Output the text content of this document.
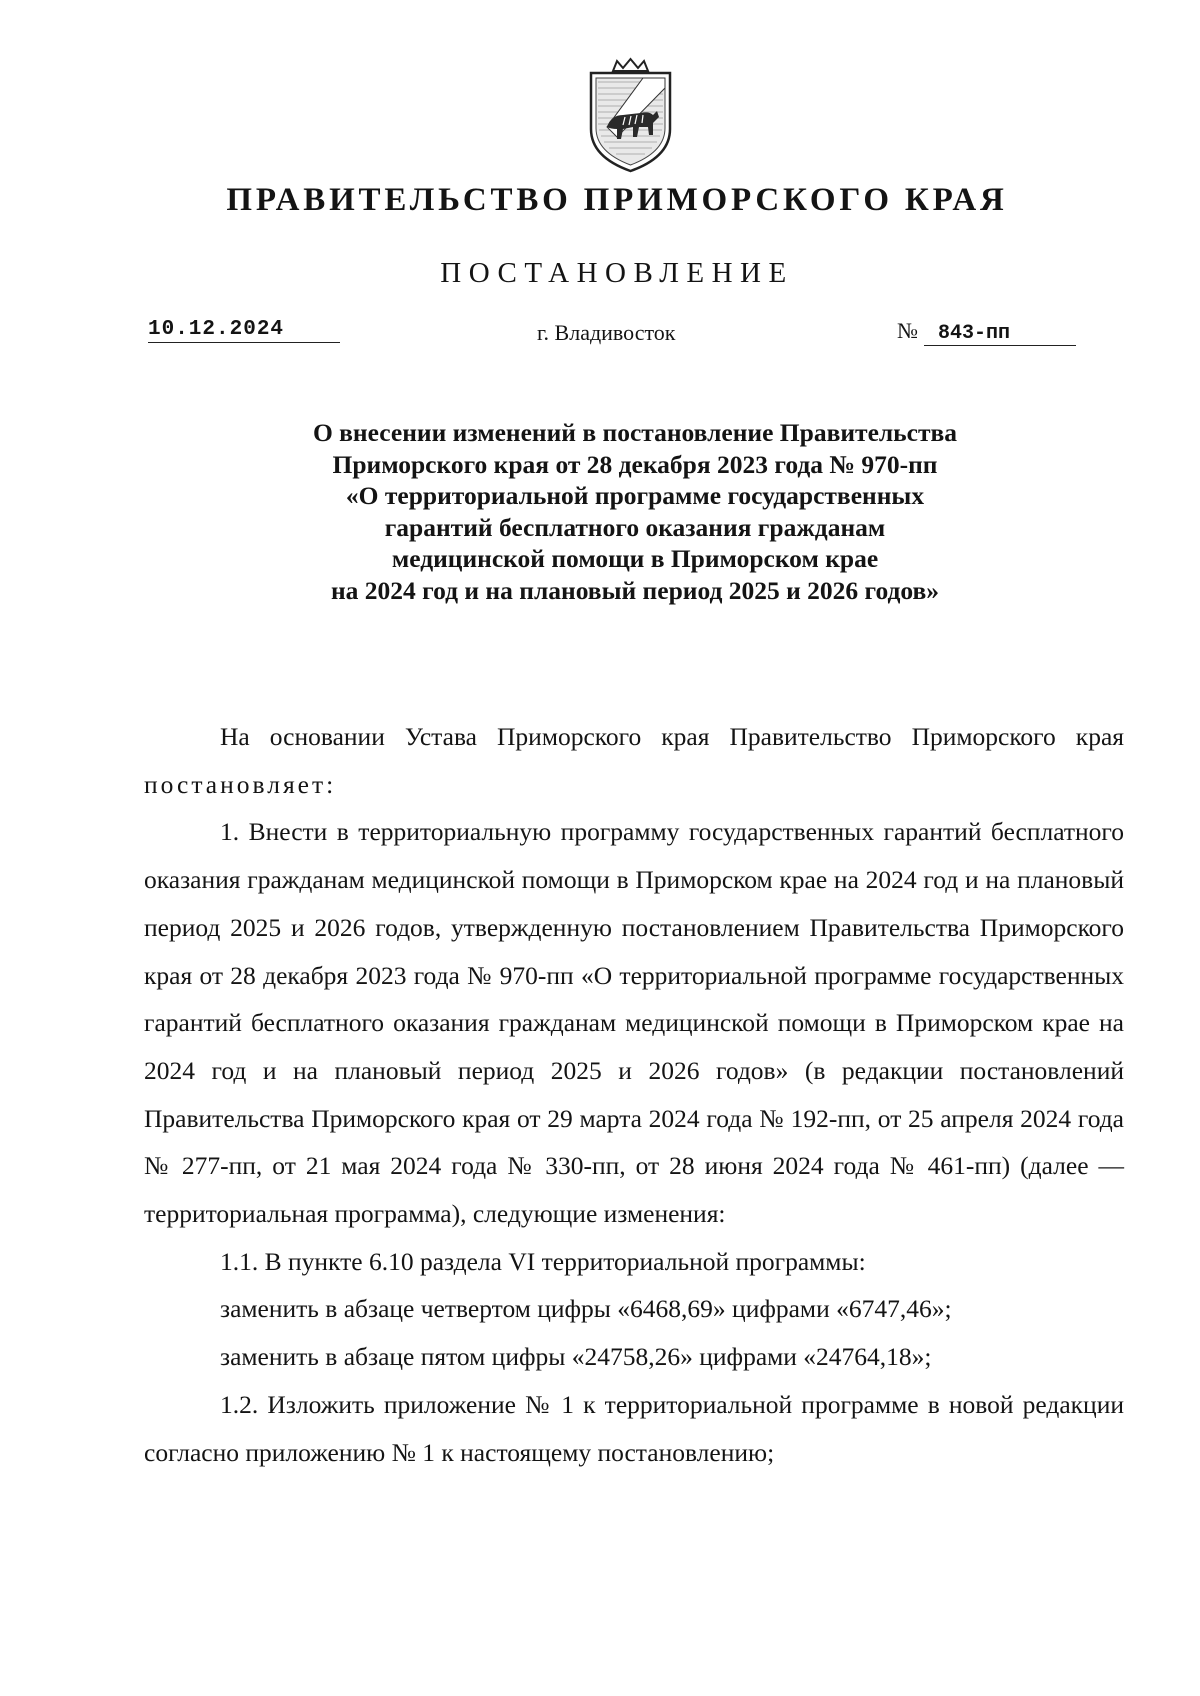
ПРАВИТЕЛЬСТВО ПРИМОРСКОГО КРАЯ
ПОСТАНОВЛЕНИЕ
10.12.2024	г. Владивосток	№ 843-пп
О внесении изменений в постановление Правительства
Приморского края от 28 декабря 2023 года № 970-пп
«О территориальной программе государственных
гарантий бесплатного оказания гражданам
медицинской помощи в Приморском крае
на 2024 год и на плановый период 2025 и 2026 годов»

На основании Устава Приморского края Правительство Приморского края постановляет:

1. Внести в территориальную программу государственных гарантий бесплатного оказания гражданам медицинской помощи в Приморском крае на 2024 год и на плановый период 2025 и 2026 годов, утвержденную постановлением Правительства Приморского края от 28 декабря 2023 года № 970-пп «О территориальной программе государственных гарантий бесплатного оказания гражданам медицинской помощи в Приморском крае на 2024 год и на плановый период 2025 и 2026 годов» (в редакции постановлений Правительства Приморского края от 29 марта 2024 года № 192-пп, от 25 апреля 2024 года № 277-пп, от 21 мая 2024 года № 330-пп, от 28 июня 2024 года № 461-пп) (далее — территориальная программа), следующие изменения:

1.1. В пункте 6.10 раздела VI территориальной программы:

заменить в абзаце четвертом цифры «6468,69» цифрами «6747,46»;

заменить в абзаце пятом цифры «24758,26» цифрами «24764,18»;

1.2. Изложить приложение № 1 к территориальной программе в новой редакции согласно приложению № 1 к настоящему постановлению;
